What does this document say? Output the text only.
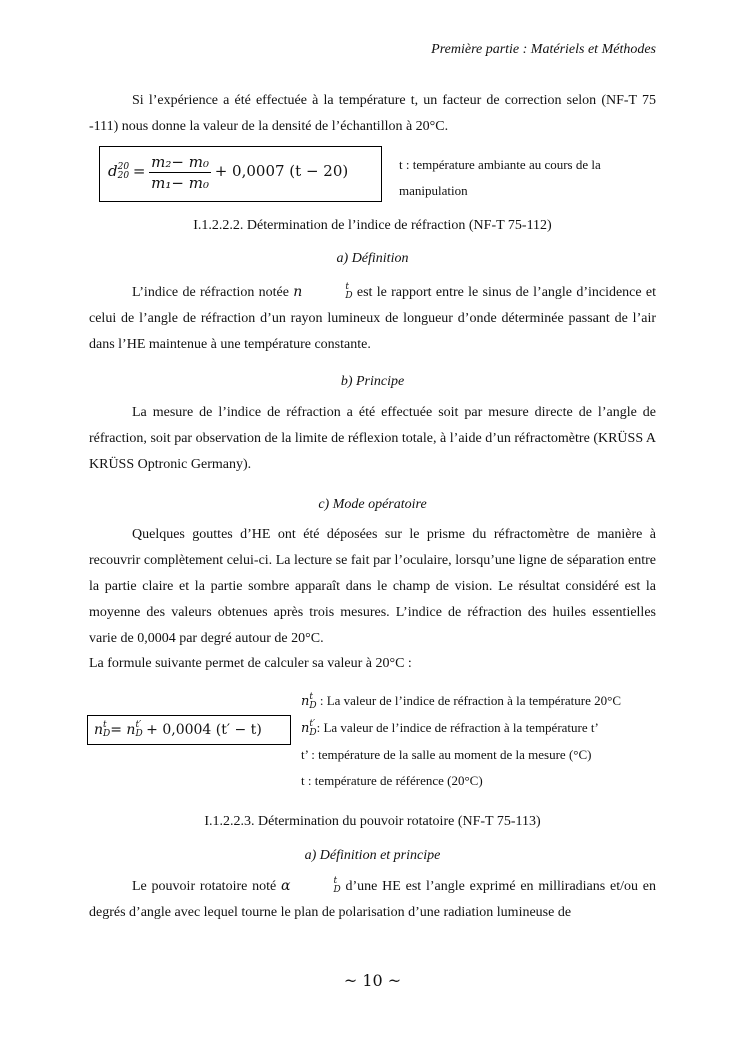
Première partie : Matériels et Méthodes

Si l’expérience a été effectuée à la température t, un facteur de correction selon (NF-T 75 -111) nous donne la valeur de la densité de l’échantillon à 20°C.

d 20
$20 = \frac{\text{m₂− m₀}}{\text{m₁− m₀}} + 0,0007$ (t − 20)	t : température ambiante au cours de la
manipulation
I.1.2.2.2. Détermination de l’indice de réfraction (NF-T 75-112)
a) Définition

L’indice de réfraction notée n	t
D est le rapport entre le sinus de l’angle d’incidence et celui de l’angle de réfraction d’un rayon lumineux de longueur d’onde déterminée passant de l’air dans l’HE maintenue à une température constante.

b) Principe

La mesure de l’indice de réfraction a été effectuée soit par mesure directe de l’angle de réfraction, soit par observation de la limite de réflexion totale, à l’aide d’un réfractomètre (KRÜSS A KRÜSS Optronic Germany).

c) Mode opératoire

Quelques gouttes d’HE ont été déposées sur le prisme du réfractomètre de manière à recouvrir complètement celui-ci. La lecture se fait par l’oculaire, lorsqu’une ligne de séparation entre la partie claire et la partie sombre apparaît dans le champ de vision. Le résultat considéré est la moyenne des valeurs obtenues après trois mesures. L’indice de réfraction des huiles essentielles varie de 0,0004 par degré autour de 20°C.

La formule suivante permet de calculer sa valeur à 20°C :
n t
D = n t′
D + 0,0004 (t′ − t)
n t
D : La valeur de l’indice de réfraction à la température 20°C
n t′
D : La valeur de l’indice de réfraction à la température t’
t’ : température de la salle au moment de la mesure (°C)
t : température de référence (20°C)
I.1.2.2.3. Détermination du pouvoir rotatoire (NF-T 75-113)
a) Définition et principe

Le pouvoir rotatoire noté α	t
D d’une HE est l’angle exprimé en milliradians et/ou en degrés d’angle avec lequel tourne le plan de polarisation d’une radiation lumineuse de

~ 10 ~
